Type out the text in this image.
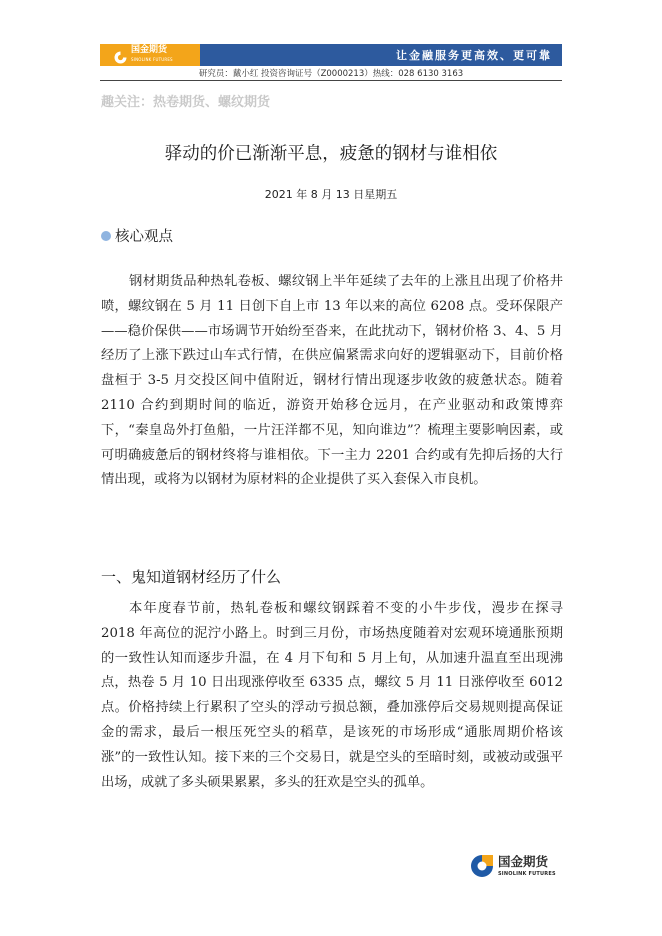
国金期货
SINOLINK FUTURES	让金融服务更高效、更可靠
研究员：戴小红 投资咨询证号（Z0000213）热线：028 6130 3163
趣关注：热卷期货、螺纹期货
驿动的价已渐渐平息，疲惫的钢材与谁相依
2021 年 8 月 13 日星期五
核心观点

钢材期货品种热轧卷板、螺纹钢上半年延续了去年的上涨且出现了价格井喷，螺纹钢在 5 月 11 日创下自上市 13 年以来的高位 6208 点。受环保限产——稳价保供——市场调节开始纷至沓来，在此扰动下，钢材价格 3、4、5 月经历了上涨下跌过山车式行情，在供应偏紧需求向好的逻辑驱动下，目前价格盘桓于 3-5 月交投区间中值附近，钢材行情出现逐步收敛的疲惫状态。随着 2110 合约到期时间的临近，游资开始移仓远月，在产业驱动和政策博弈下，“秦皇岛外打鱼船，一片汪洋都不见，知向谁边”？梳理主要影响因素，或可明确疲惫后的钢材终将与谁相依。下一主力 2201 合约或有先抑后扬的大行情出现，或将为以钢材为原材料的企业提供了买入套保入市良机。

一、鬼知道钢材经历了什么

本年度春节前，热轧卷板和螺纹钢踩着不变的小牛步伐，漫步在探寻 2018 年高位的泥泞小路上。时到三月份，市场热度随着对宏观环境通胀预期的一致性认知而逐步升温，在 4 月下旬和 5 月上旬，从加速升温直至出现沸点，热卷 5 月 10 日出现涨停收至 6335 点，螺纹 5 月 11 日涨停收至 6012 点。价格持续上行累积了空头的浮动亏损总额，叠加涨停后交易规则提高保证金的需求，最后一根压死空头的稻草，是该死的市场形成“通胀周期价格该涨”的一致性认知。接下来的三个交易日，就是空头的至暗时刻，或被动或强平出场，成就了多头硕果累累，多头的狂欢是空头的孤单。

国金期货
SINOLINK FUTURES
